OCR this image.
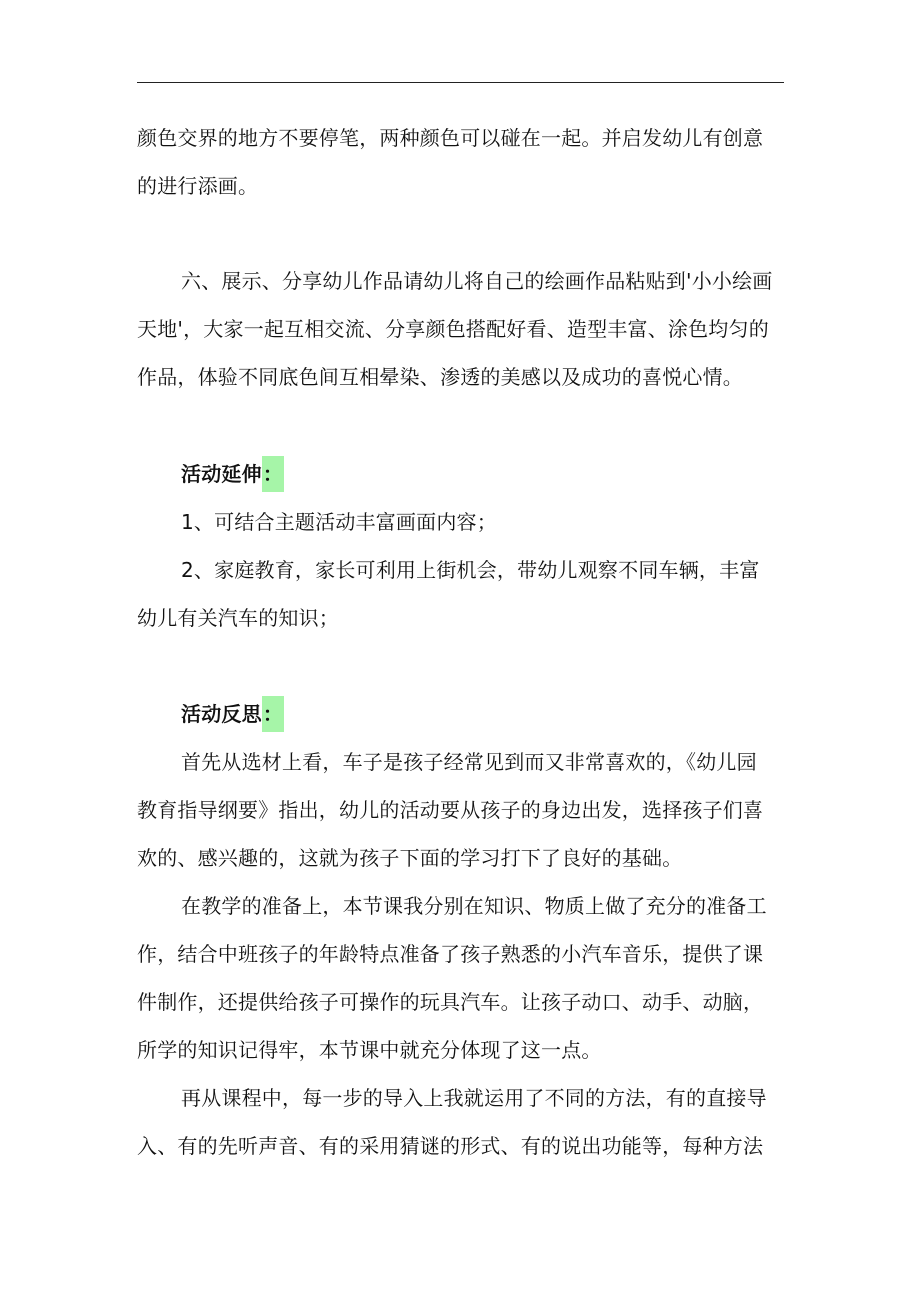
颜色交界的地方不要停笔，两种颜色可以碰在一起。并启发幼儿有创意
的进行添画。
六、展示、分享幼儿作品请幼儿将自己的绘画作品粘贴到'小小绘画
天地'，大家一起互相交流、分享颜色搭配好看、造型丰富、涂色均匀的
作品，体验不同底色间互相晕染、渗透的美感以及成功的喜悦心情。
活动延伸：
1、可结合主题活动丰富画面内容；
2、家庭教育，家长可利用上街机会，带幼儿观察不同车辆，丰富
幼儿有关汽车的知识；
活动反思：
首先从选材上看，车子是孩子经常见到而又非常喜欢的，《幼儿园
教育指导纲要》指出，幼儿的活动要从孩子的身边出发，选择孩子们喜
欢的、感兴趣的，这就为孩子下面的学习打下了良好的基础。
在教学的准备上，本节课我分别在知识、物质上做了充分的准备工
作，结合中班孩子的年龄特点准备了孩子熟悉的小汽车音乐，提供了课
件制作，还提供给孩子可操作的玩具汽车。让孩子动口、动手、动脑，
所学的知识记得牢，本节课中就充分体现了这一点。
再从课程中，每一步的导入上我就运用了不同的方法，有的直接导
入、有的先听声音、有的采用猜谜的形式、有的说出功能等，每种方法
